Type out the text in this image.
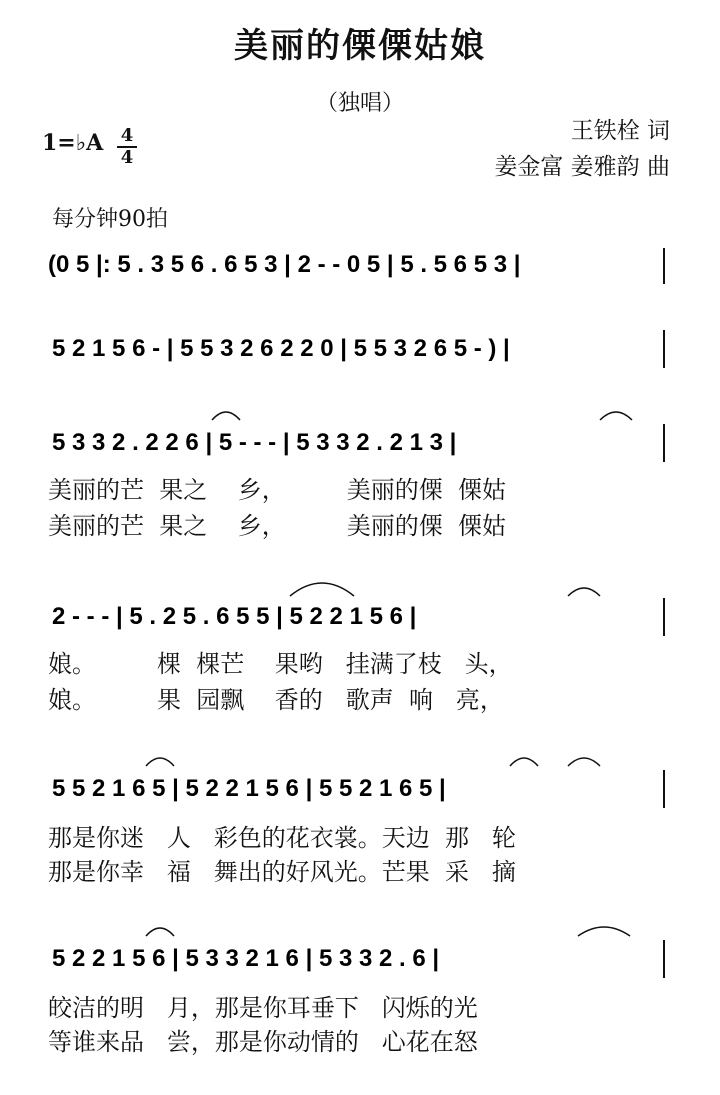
美丽的傈傈姑娘
（独唱）
王铁栓 词
姜金富 姜雅韵 曲
1=♭A 4
4
每分钟90拍
(0 5 |: 5 . 3 5 6 . 6 5 3 | 2 - - 0 5 | 5 . 5 6 5 3 |
5 2 1 5 6 - | 5 5 3 2 6 2 2 0 | 5 5 3 2 6 5 - ) |
5 3 3 2 . 2 2 6 | 5 - - - | 5 3 3 2 . 2 1 3 |
2 - - - | 5 . 2 5 . 6 5 5 | 5 2 2 1 5 6 |
5 5 2 1 6 5 | 5 2 2 1 5 6 | 5 5 2 1 6 5 |
5 2 2 1 5 6 | 5 3 3 2 1 6 | 5 3 3 2 . 6 |
美丽的芒  果之    乡，        美丽的傈  傈姑
美丽的芒  果之    乡，        美丽的傈  傈姑
娘。        棵  棵芒    果哟   挂满了枝   头，
娘。        果  园飘    香的   歌声  响   亮，
那是你迷   人   彩色的花衣裳。天边  那   轮
那是你幸   福   舞出的好风光。芒果  采   摘
皎洁的明   月，那是你耳垂下   闪烁的光
等谁来品   尝，那是你动情的   心花在怒
